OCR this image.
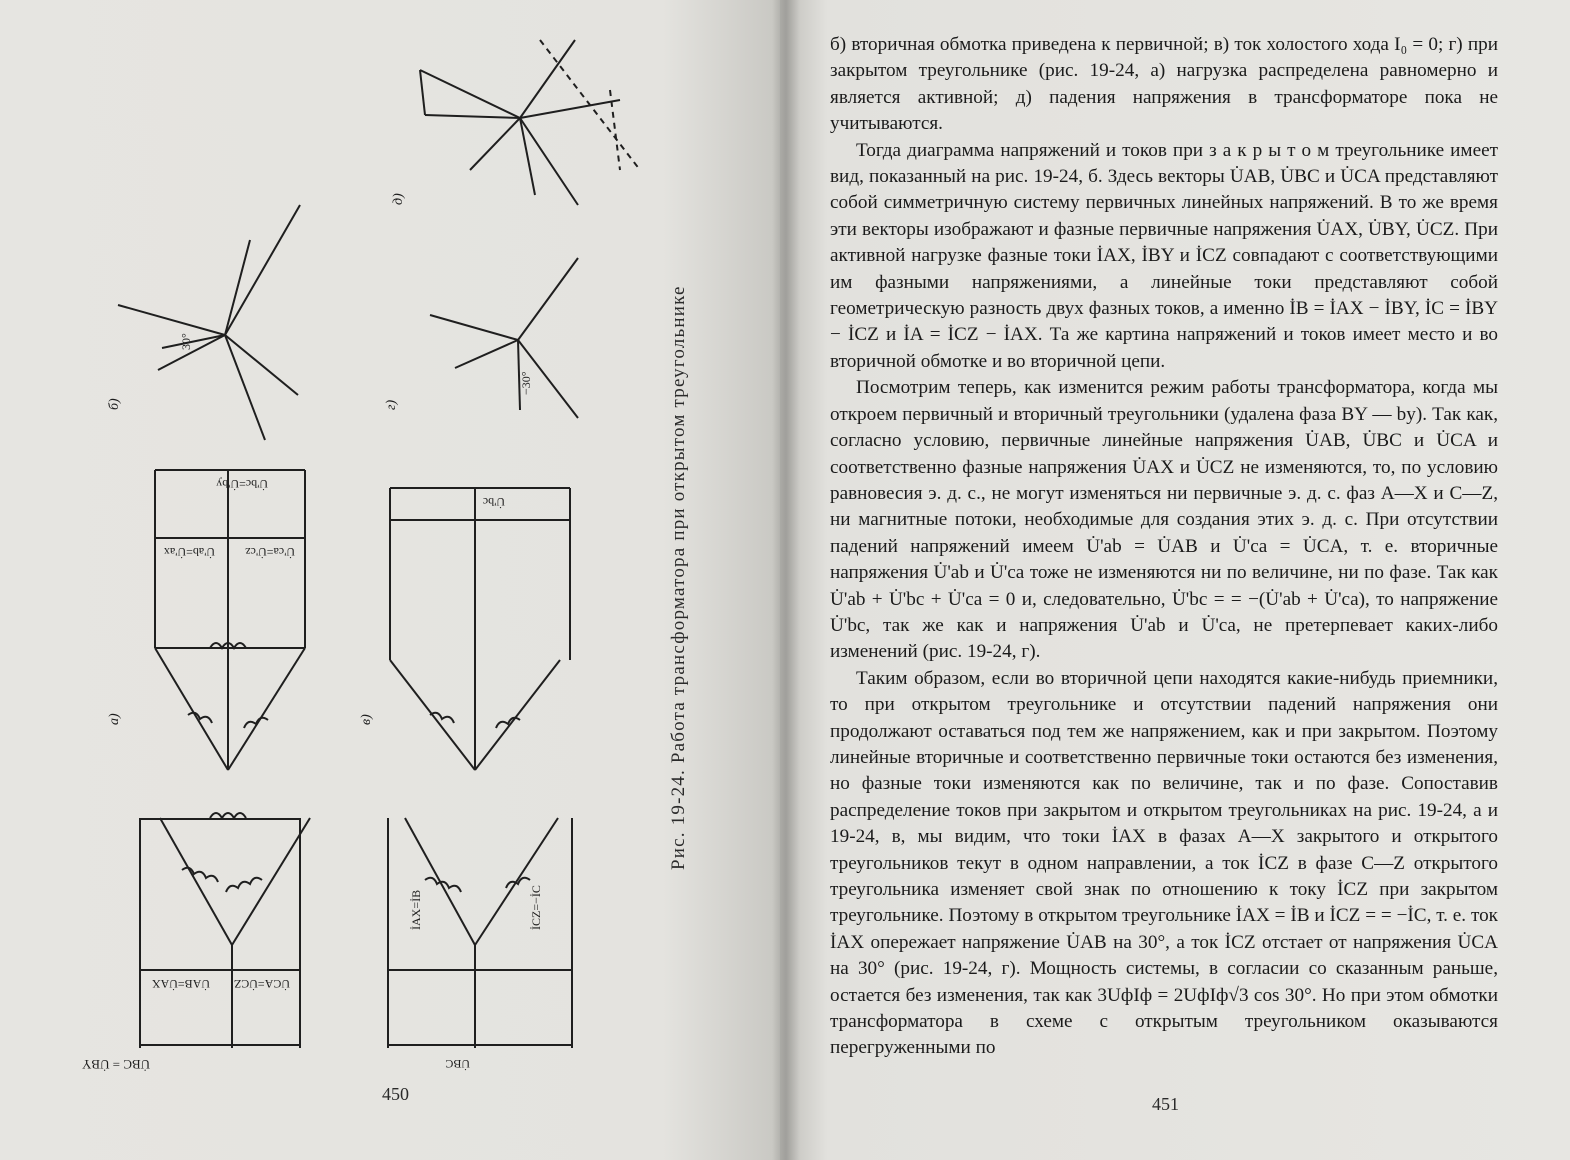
а)	в)
б)	г)
д)
U̇BC = U̇BY
U̇AB=U̇AX U̇CA=U̇CZ
U̇'ab=U̇'ax	U̇'ca=U̇'cz
U̇'bc=U̇'by
U̇BC
U̇'bc
İAX=İB	İCZ=−İC
30°
−30°	Рис. 19-24. Работа трансформатора при открытом треугольнике
450

б) вторичная обмотка приведена к первичной; в) ток холостого хода I₀ = 0; г) при закрытом треугольнике (рис. 19-24, а) нагрузка распределена равномерно и является активной; д) падения напряжения в трансформаторе пока не учитываются.

Тогда диаграмма напряжений и токов при з а к р ы т о м треугольнике имеет вид, показанный на рис. 19-24, б. Здесь векторы U̇AB, U̇BC и U̇CA представляют собой симметричную систему первичных линейных напряжений. В то же время эти векторы изображают и фазные первичные напряжения U̇AX, U̇BY, U̇CZ. При активной нагрузке фазные токи İAX, İBY и İCZ совпадают с соответствующими им фазными напряжениями, а линейные токи представляют собой геометрическую разность двух фазных токов, а именно İB = İAX − İBY, İC = İBY − İCZ и İA = İCZ − İAX. Та же картина напряжений и токов имеет место и во вторичной обмотке и во вторичной цепи.

Посмотрим теперь, как изменится режим работы трансформатора, когда мы откроем первичный и вторичный треугольники (удалена фаза BY — by). Так как, согласно условию, первичные линейные напряжения U̇AB, U̇BC и U̇CA и соответственно фазные напряжения U̇AX и U̇CZ не изменяются, то, по условию равновесия э. д. с., не могут изменяться ни первичные э. д. с. фаз A—X и C—Z, ни магнитные потоки, необходимые для создания этих э. д. с. При отсутствии падений напряжений имеем U̇'ab = U̇AB и U̇'ca = U̇CA, т. е. вторичные напряжения U̇'ab и U̇'ca тоже не изменяются ни по величине, ни по фазе. Так как U̇'ab + U̇'bc + U̇'ca = 0 и, следовательно, U̇'bc = = −(U̇'ab + U̇'ca), то напряжение U̇'bc, так же как и напряжения U̇'ab и U̇'ca, не претерпевает каких-либо изменений (рис. 19-24, г).

Таким образом, если во вторичной цепи находятся какие-нибудь приемники, то при открытом треугольнике и отсутствии падений напряжения они продолжают оставаться под тем же напряжением, как и при закрытом. Поэтому линейные вторичные и соответственно первичные токи остаются без изменения, но фазные токи изменяются как по величине, так и по фазе. Сопоставив распределение токов при закрытом и открытом треугольниках на рис. 19-24, а и 19-24, в, мы видим, что токи İAX в фазах A—X закрытого и открытого треугольников текут в одном направлении, а ток İCZ в фазе C—Z открытого треугольника изменяет свой знак по отношению к току İCZ при закрытом треугольнике. Поэтому в открытом треугольнике İAX = İB и İCZ = = −İC, т. е. ток İAX опережает напряжение U̇AB на 30°, а ток İCZ отстает от напряжения U̇CA на 30° (рис. 19-24, г). Мощность системы, в согласии со сказанным раньше, остается без изменения, так как 3UфIф = 2UфIф√3 cos 30°. Но при этом обмотки трансформатора в схеме с открытым треугольником оказываются перегруженными по

451
